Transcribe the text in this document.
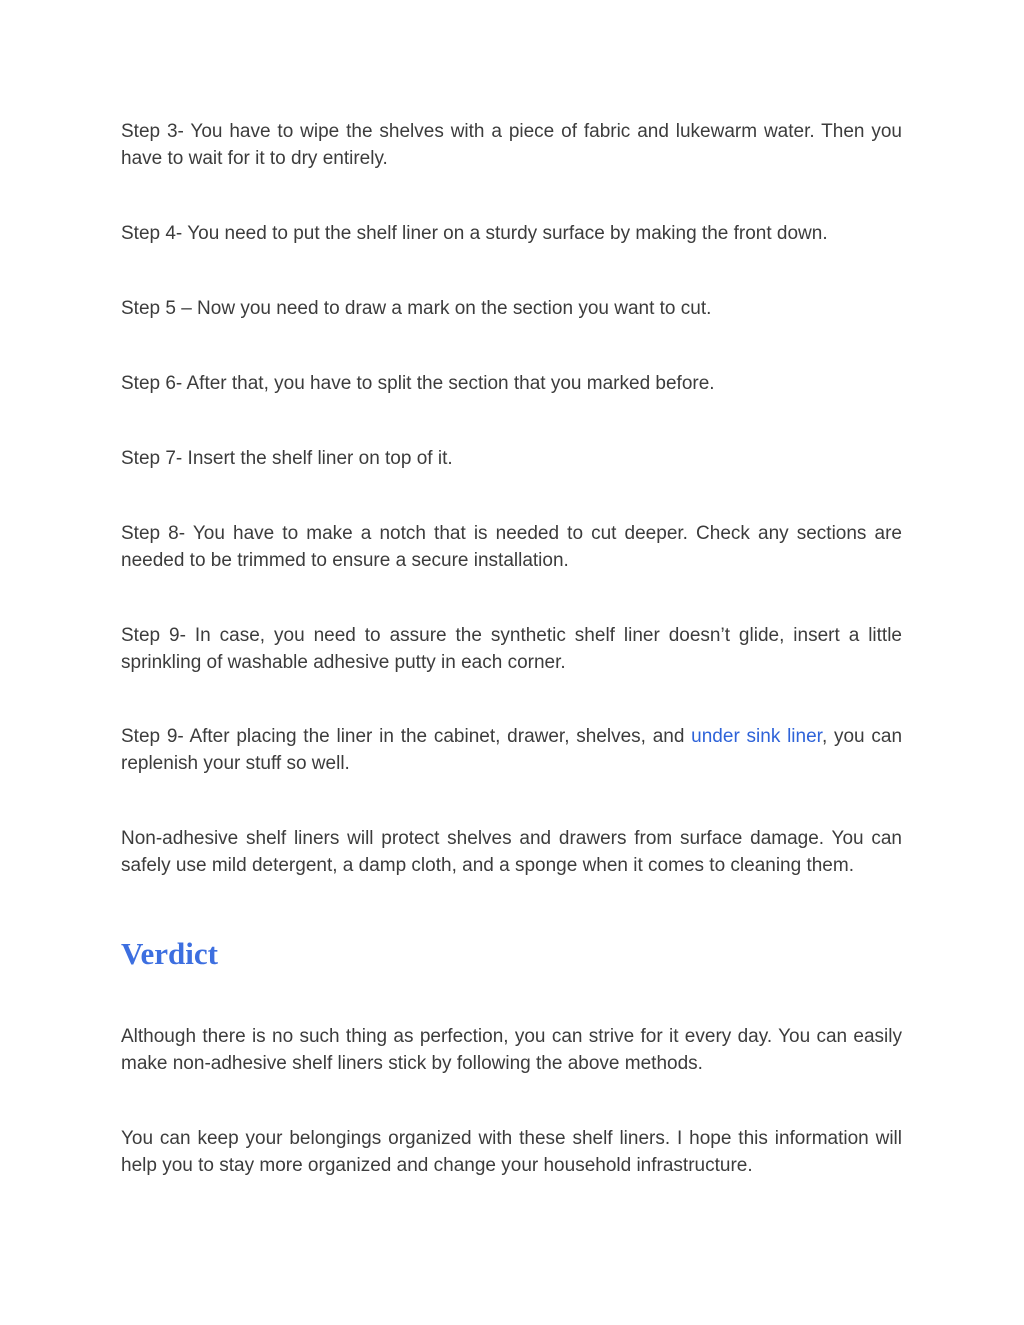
Step 3- You have to wipe the shelves with a piece of fabric and lukewarm water. Then you have to wait for it to dry entirely.

Step 4- You need to put the shelf liner on a sturdy surface by making the front down.

Step 5 – Now you need to draw a mark on the section you want to cut.

Step 6- After that, you have to split the section that you marked before.

Step 7- Insert the shelf liner on top of it.

Step 8- You have to make a notch that is needed to cut deeper. Check any sections are needed to be trimmed to ensure a secure installation.

Step 9- In case, you need to assure the synthetic shelf liner doesn’t glide, insert a little sprinkling of washable adhesive putty in each corner.

Step 9- After placing the liner in the cabinet, drawer, shelves, and under sink liner, you can replenish your stuff so well.

Non-adhesive shelf liners will protect shelves and drawers from surface damage. You can safely use mild detergent, a damp cloth, and a sponge when it comes to cleaning them.

Verdict

Although there is no such thing as perfection, you can strive for it every day. You can easily make non-adhesive shelf liners stick by following the above methods.

You can keep your belongings organized with these shelf liners. I hope this information will help you to stay more organized and change your household infrastructure.
